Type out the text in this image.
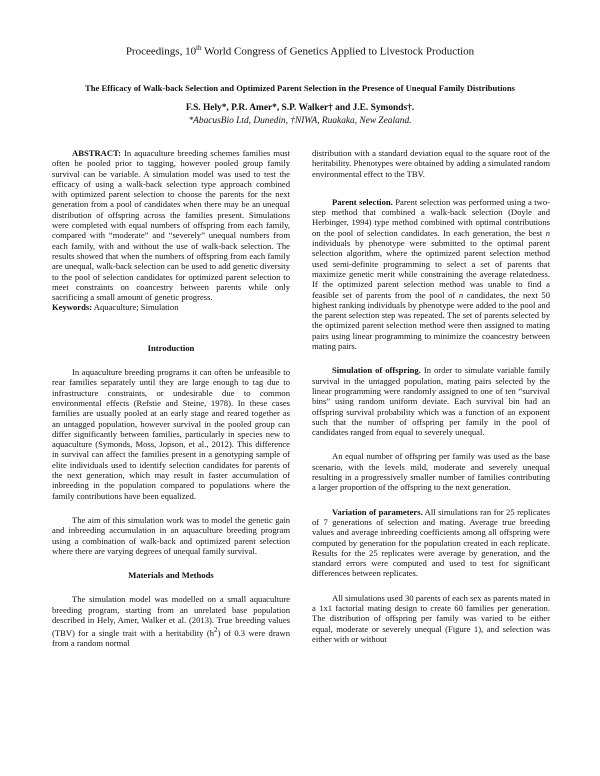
Proceedings, 10th World Congress of Genetics Applied to Livestock Production
The Efficacy of Walk-back Selection and Optimized Parent Selection in the Presence of Unequal Family Distributions
F.S. Hely*, P.R. Amer*, S.P. Walker† and J.E. Symonds†.
*AbacusBio Ltd, Dunedin, †NIWA, Ruakaka, New Zealand.

ABSTRACT: In aquaculture breeding schemes families must often be pooled prior to tagging, however pooled group family survival can be variable. A simulation model was used to test the efficacy of using a walk-back selection type approach combined with optimized parent selection to choose the parents for the next generation from a pool of candidates when there may be an unequal distribution of offspring across the families present. Simulations were completed with equal numbers of offspring from each family, compared with “moderate” and “severely” unequal numbers from each family, with and without the use of walk-back selection. The results showed that when the numbers of offspring from each family are unequal, walk-back selection can be used to add genetic diversity to the pool of selection candidates for optimized parent selection to meet constraints on coancestry between parents while only sacrificing a small amount of genetic progress.

Keywords: Aquaculture; Simulation

Introduction

In aquaculture breeding programs it can often be unfeasible to rear families separately until they are large enough to tag due to infrastructure constraints, or undesirable due to common environmental effects (Refstie and Steine, 1978). In these cases families are usually pooled at an early stage and reared together as an untagged population, however survival in the pooled group can differ significantly between families, particularly in species new to aquaculture (Symonds, Moss, Jopson, et al., 2012). This difference in survival can affect the families present in a genotyping sample of elite individuals used to identify selection candidates for parents of the next generation, which may result in faster accumulation of inbreeding in the population compared to populations where the family contributions have been equalized.

The aim of this simulation work was to model the genetic gain and inbreeding accumulation in an aquaculture breeding program using a combination of walk-back and optimized parent selection where there are varying degrees of unequal family survival.

Materials and Methods

The simulation model was modelled on a small aquaculture breeding program, starting from an unrelated base population described in Hely, Amer, Walker et al. (2013). True breeding values (TBV) for a single trait with a heritability $(h^2)$ of 0.3 were drawn from a random normal

distribution with a standard deviation equal to the square root of the heritability. Phenotypes were obtained by adding a simulated random environmental effect to the TBV.

Parent selection. Parent selection was performed using a two-step method that combined a walk-back selection (Doyle and Herbinger, 1994) type method combined with optimal contributions on the pool of selection candidates. In each generation, the best n individuals by phenotype were submitted to the optimal parent selection algorithm, where the optimized parent selection method used semi-definite programming to select a set of parents that maximize genetic merit while constraining the average relatedness. If the optimized parent selection method was unable to find a feasible set of parents from the pool of n candidates, the next 50 highest ranking individuals by phenotype were added to the pool and the parent selection step was repeated. The set of parents selected by the optimized parent selection method were then assigned to mating pairs using linear programming to minimize the coancestry between mating pairs.

Simulation of offspring. In order to simulate variable family survival in the untagged population, mating pairs selected by the linear programming were randomly assigned to one of ten “survival bins” using random uniform deviate. Each survival bin had an offspring survival probability which was a function of an exponent such that the number of offspring per family in the pool of candidates ranged from equal to severely unequal.

An equal number of offspring per family was used as the base scenario, with the levels mild, moderate and severely unequal resulting in a progressively smaller number of families contributing a larger proportion of the offspring to the next generation.

Variation of parameters. All simulations ran for 25 replicates of 7 generations of selection and mating. Average true breeding values and average inbreeding coefficients among all offspring were computed by generation for the population created in each replicate. Results for the 25 replicates were average by generation, and the standard errors were computed and used to test for significant differences between replicates.

All simulations used 30 parents of each sex as parents mated in a 1x1 factorial mating design to create 60 families per generation. The distribution of offspring per family was varied to be either equal, moderate or severely unequal (Figure 1), and selection was either with or without
